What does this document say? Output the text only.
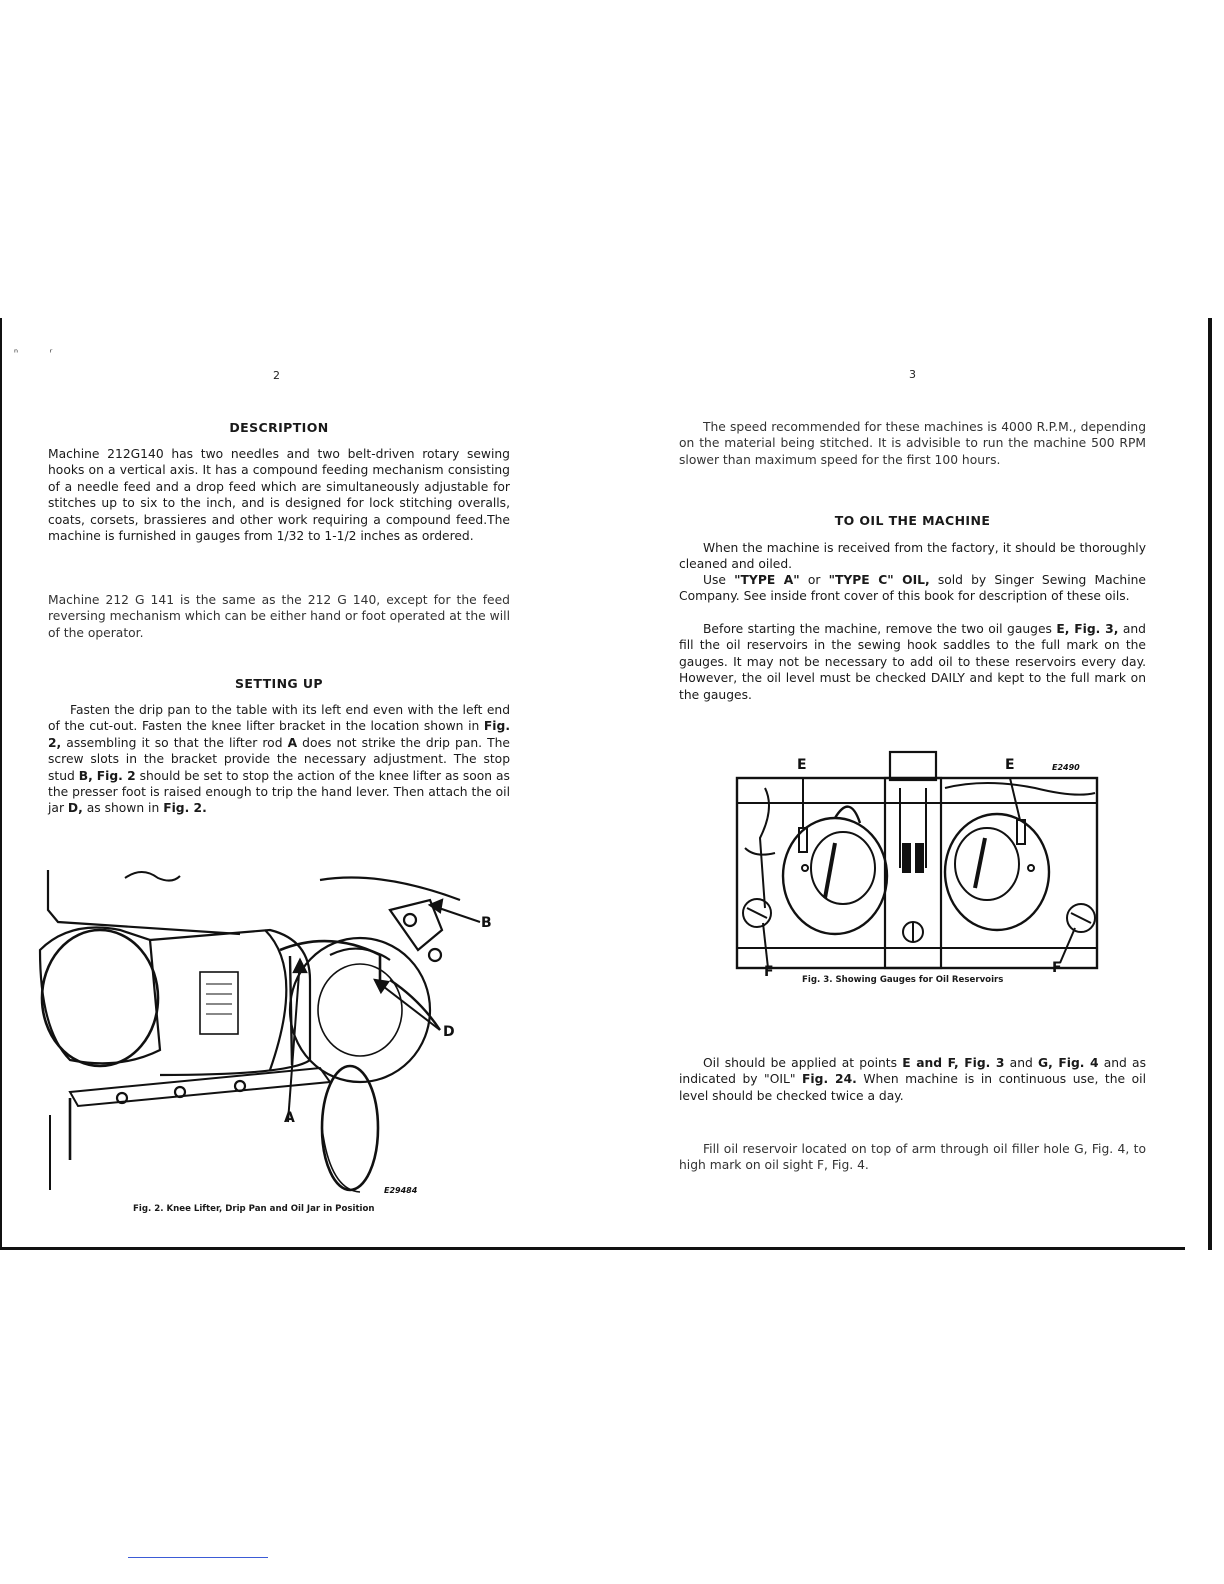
ⁿ          ʳ
2
DESCRIPTION

Machine 212G140 has two needles and two belt-driven rotary sewing hooks on a vertical axis. It has a compound feeding mechanism consisting of a needle feed and a drop feed which are simultaneously adjustable for stitches up to six to the inch, and is designed for lock stitching overalls, coats, corsets, brassieres and other work requiring a compound feed.The machine is furnished in gauges from 1/32 to 1-1/2 inches as ordered.

Machine 212 G 141 is the same as the 212 G 140, except for the feed reversing mechanism which can be either hand or foot operated at the will of the operator.

SETTING UP

Fasten the drip pan to the table with its left end even with the left end of the cut-out. Fasten the knee lifter bracket in the location shown in Fig. 2, assembling it so that the lifter rod A does not strike the drip pan. The screw slots in the bracket provide the necessary adjustment. The stop stud B, Fig. 2 should be set to stop the action of the knee lifter as soon as the presser foot is raised enough to trip the hand lever. Then attach the oil jar D, as shown in Fig. 2.

B
D
A
E29484
Fig. 2. Knee Lifter, Drip Pan and Oil Jar in Position
3

The speed recommended for these machines is 4000 R.P.M., depending on the material being stitched. It is advisible to run the machine 500 RPM slower than maximum speed for the first 100 hours.

TO OIL THE MACHINE

When the machine is received from the factory, it should be thoroughly cleaned and oiled.

Use "TYPE A" or "TYPE C" OIL, sold by Singer Sewing Machine Company. See inside front cover of this book for description of these oils.

Before starting the machine, remove the two oil gauges E, Fig. 3, and fill the oil reservoirs in the sewing hook saddles to the full mark on the gauges. It may not be necessary to add oil to these reservoirs every day. However, the oil level must be checked DAILY and kept to the full mark on the gauges.

E	E	E2490
F	F
Fig. 3. Showing Gauges for Oil Reservoirs

Oil should be applied at points E and F, Fig. 3 and G, Fig. 4 and as indicated by "OIL" Fig. 24. When machine is in continuous use, the oil level should be checked twice a day.

Fill oil reservoir located on top of arm through oil filler hole G, Fig. 4, to high mark on oil sight F, Fig. 4.
